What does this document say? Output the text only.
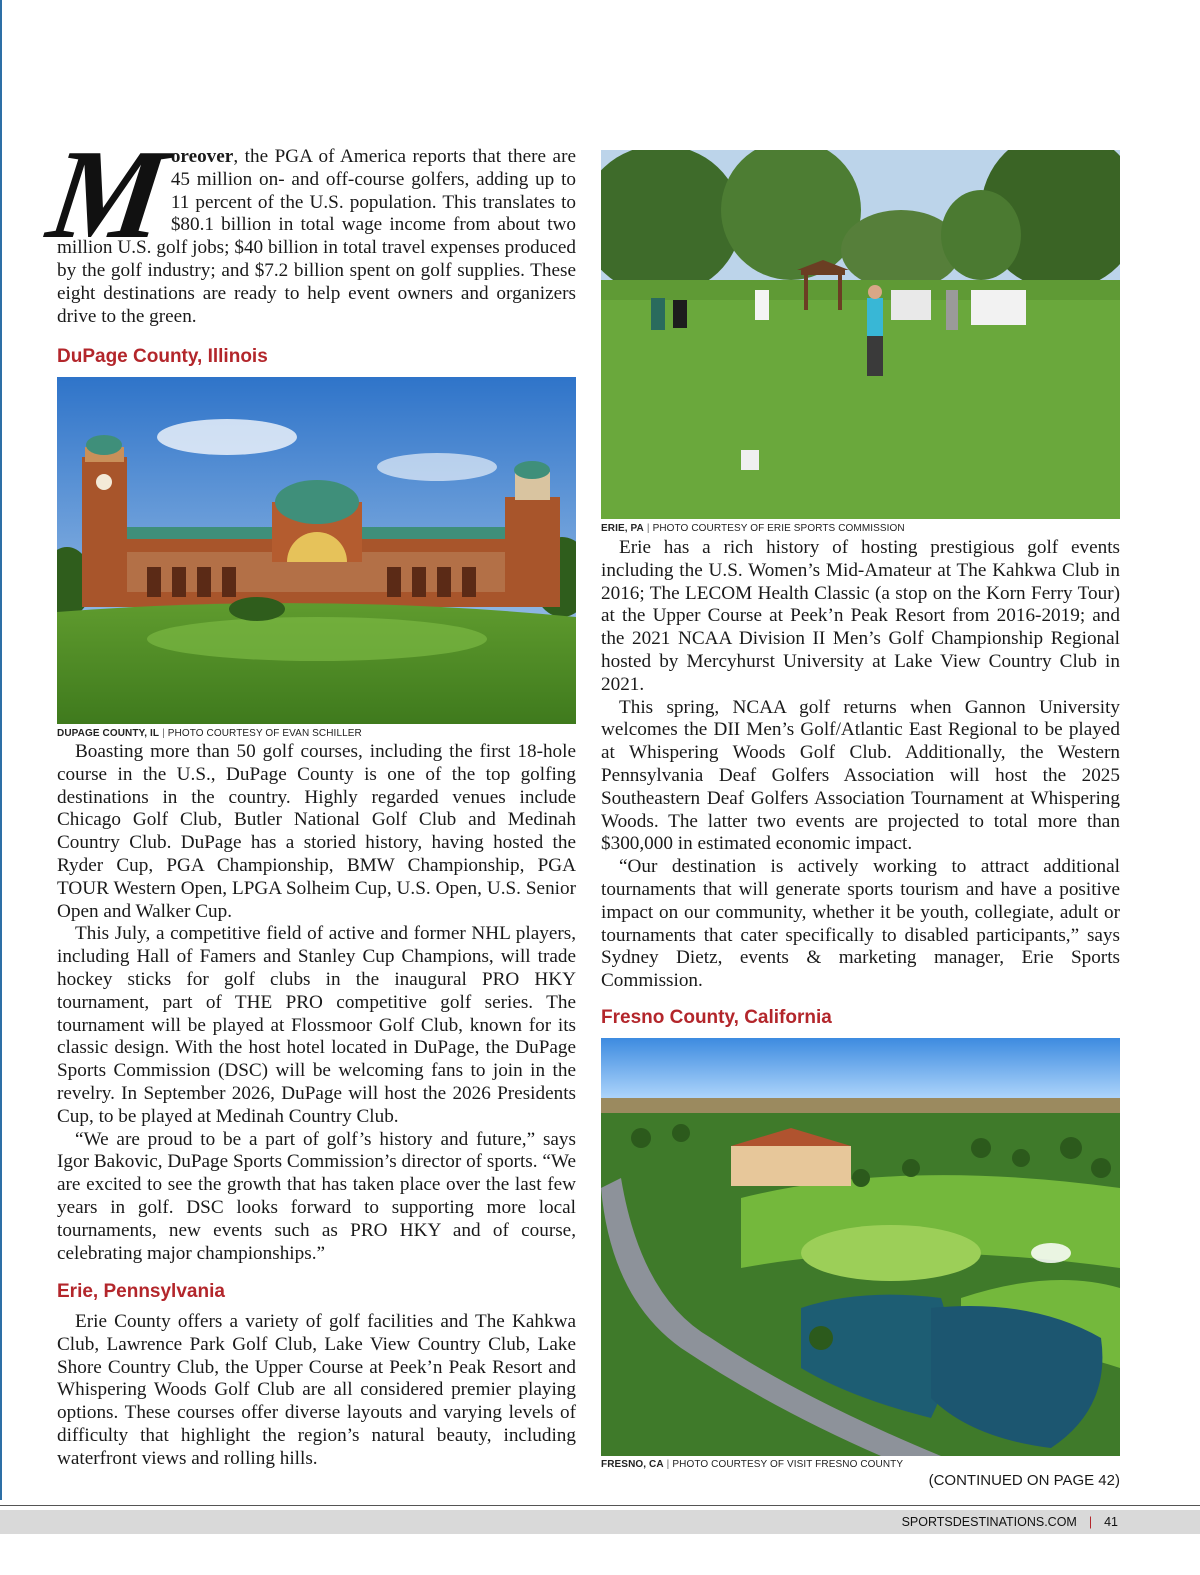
M
oreover, the PGA of America reports that there are 45 million on- and off-course golfers, adding up to 11 percent of the U.S. population. This translates to $80.1 billion in total wage income from about two million U.S. golf jobs; $40 billion in total travel expenses produced by the golf industry; and $7.2 billion spent on golf supplies. These eight destinations are ready to help event owners and organizers drive to the green.

DuPage County, Illinois

DUPAGE COUNTY, IL | PHOTO COURTESY OF EVAN SCHILLER

Boasting more than 50 golf courses, including the first 18-hole course in the U.S., DuPage County is one of the top golfing destinations in the country. Highly regarded venues include Chicago Golf Club, Butler National Golf Club and Medinah Country Club. DuPage has a storied history, having hosted the Ryder Cup, PGA Championship, BMW Championship, PGA TOUR Western Open, LPGA Solheim Cup, U.S. Open, U.S. Senior Open and Walker Cup.

This July, a competitive field of active and former NHL players, including Hall of Famers and Stanley Cup Champions, will trade hockey sticks for golf clubs in the inaugural PRO HKY tournament, part of THE PRO competitive golf series. The tournament will be played at Flossmoor Golf Club, known for its classic design. With the host hotel located in DuPage, the DuPage Sports Commission (DSC) will be welcoming fans to join in the revelry. In September 2026, DuPage will host the 2026 Presidents Cup, to be played at Medinah Country Club.

“We are proud to be a part of golf’s history and future,” says Igor Bakovic, DuPage Sports Commission’s director of sports. “We are excited to see the growth that has taken place over the last few years in golf. DSC looks forward to supporting more local tournaments, new events such as PRO HKY and of course, celebrating major championships.”

Erie, Pennsylvania

Erie County offers a variety of golf facilities and The Kahkwa Club, Lawrence Park Golf Club, Lake View Country Club, Lake Shore Country Club, the Upper Course at Peek’n Peak Resort and Whispering Woods Golf Club are all considered premier playing options. These courses offer diverse layouts and varying levels of difficulty that highlight the region’s natural beauty, including waterfront views and rolling hills.

ERIE, PA | PHOTO COURTESY OF ERIE SPORTS COMMISSION

Erie has a rich history of hosting prestigious golf events including the U.S. Women’s Mid-Amateur at The Kahkwa Club in 2016; The LECOM Health Classic (a stop on the Korn Ferry Tour) at the Upper Course at Peek’n Peak Resort from 2016-2019; and the 2021 NCAA Division II Men’s Golf Championship Regional hosted by Mercyhurst University at Lake View Country Club in 2021.

This spring, NCAA golf returns when Gannon University welcomes the DII Men’s Golf/Atlantic East Regional to be played at Whispering Woods Golf Club. Additionally, the Western Pennsylvania Deaf Golfers Association will host the 2025 Southeastern Deaf Golfers Association Tournament at Whispering Woods. The latter two events are projected to total more than $300,000 in estimated economic impact.

“Our destination is actively working to attract additional tournaments that will generate sports tourism and have a positive impact on our community, whether it be youth, collegiate, adult or tournaments that cater specifically to disabled participants,” says Sydney Dietz, events & marketing manager, Erie Sports Commission.

Fresno County, California

FRESNO, CA | PHOTO COURTESY OF VISIT FRESNO COUNTY

(CONTINUED ON PAGE 42)

SPORTSDESTINATIONS.COM | 41
